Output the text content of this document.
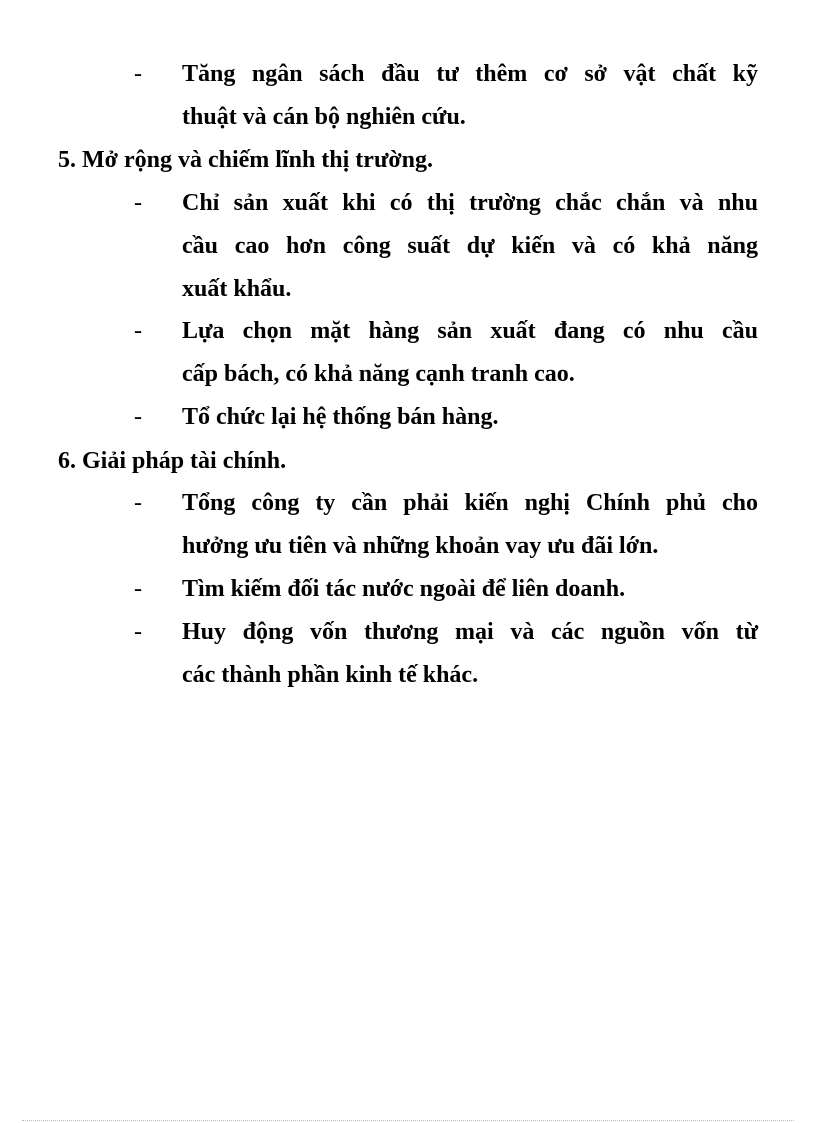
- Tăng ngân sách đầu tư thêm cơ sở vật chất kỹ
thuật và cán bộ nghiên cứu.
5. Mở rộng và chiếm lĩnh thị trường.
- Chỉ sản xuất khi có thị trường chắc chắn và nhu
cầu cao hơn công suất dự kiến và có khả năng
xuất khẩu.
- Lựa chọn mặt hàng sản xuất đang có nhu cầu
cấp bách, có khả năng cạnh tranh cao.
- Tổ chức lại hệ thống bán hàng.
6. Giải pháp tài chính.
- Tổng công ty cần phải kiến nghị Chính phủ cho
hưởng ưu tiên và những khoản vay ưu đãi lớn.
- Tìm kiếm đối tác nước ngoài để liên doanh.
- Huy động vốn thương mại và các nguồn vốn từ
các thành phần kinh tế khác.
